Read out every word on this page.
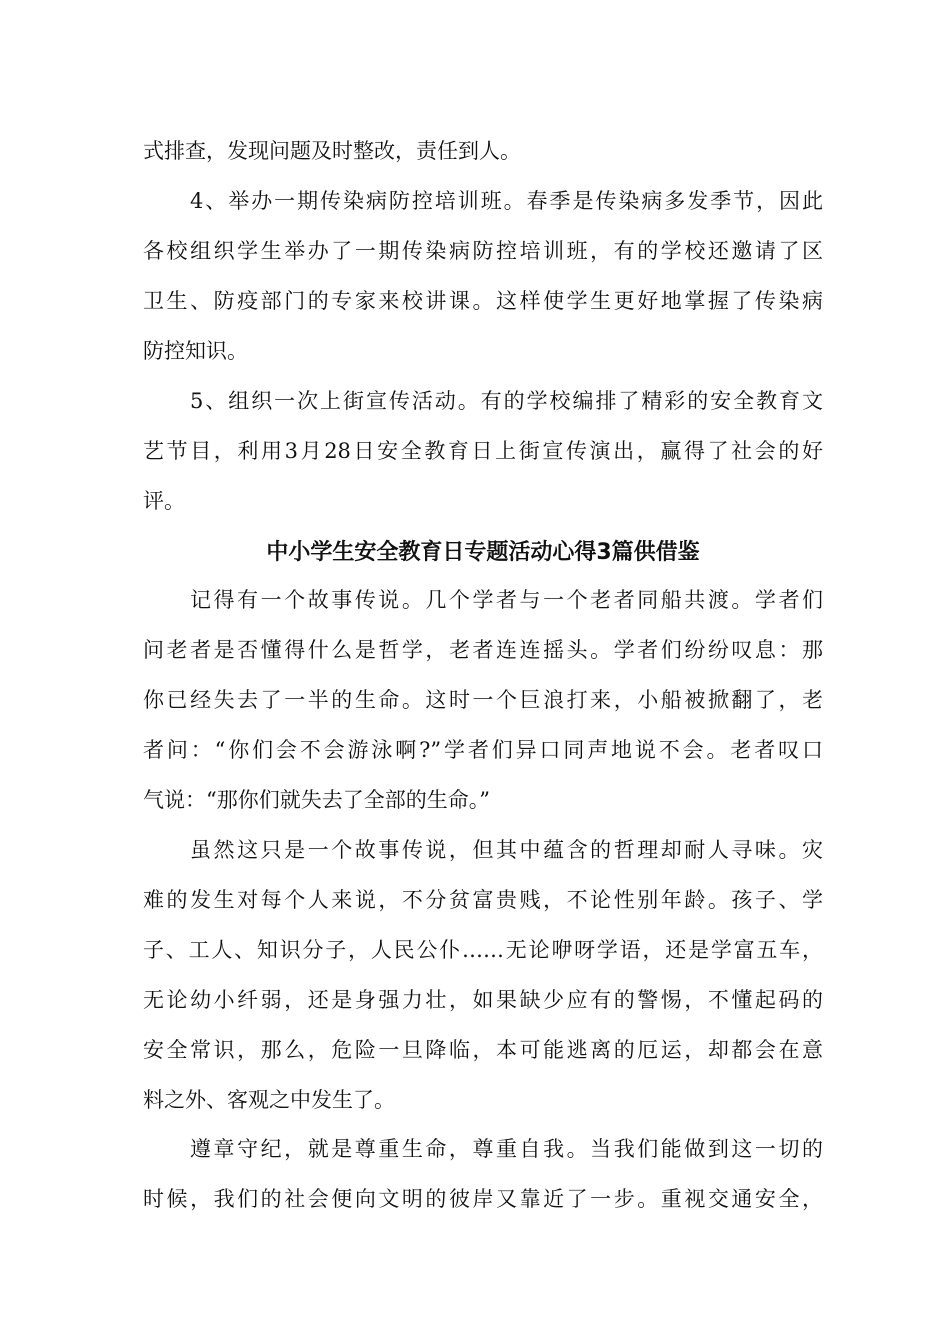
式排查，发现问题及时整改，责任到人。
4、举办一期传染病防控培训班。春季是传染病多发季节，因此
各校组织学生举办了一期传染病防控培训班，有的学校还邀请了区
卫生、防疫部门的专家来校讲课。这样使学生更好地掌握了传染病
防控知识。
5、组织一次上街宣传活动。有的学校编排了精彩的安全教育文
艺节目，利用3月28日安全教育日上街宣传演出，赢得了社会的好
评。
中小学生安全教育日专题活动心得3篇供借鉴
记得有一个故事传说。几个学者与一个老者同船共渡。学者们
问老者是否懂得什么是哲学，老者连连摇头。学者们纷纷叹息：那
你已经失去了一半的生命。这时一个巨浪打来，小船被掀翻了，老
者问：“你们会不会游泳啊?”学者们异口同声地说不会。老者叹口
气说：“那你们就失去了全部的生命。”
虽然这只是一个故事传说，但其中蕴含的哲理却耐人寻味。灾
难的发生对每个人来说，不分贫富贵贱，不论性别年龄。孩子、学
子、工人、知识分子，人民公仆……无论咿呀学语，还是学富五车，
无论幼小纤弱，还是身强力壮，如果缺少应有的警惕，不懂起码的
安全常识，那么，危险一旦降临，本可能逃离的厄运，却都会在意
料之外、客观之中发生了。
遵章守纪，就是尊重生命，尊重自我。当我们能做到这一切的
时候，我们的社会便向文明的彼岸又靠近了一步。重视交通安全，
